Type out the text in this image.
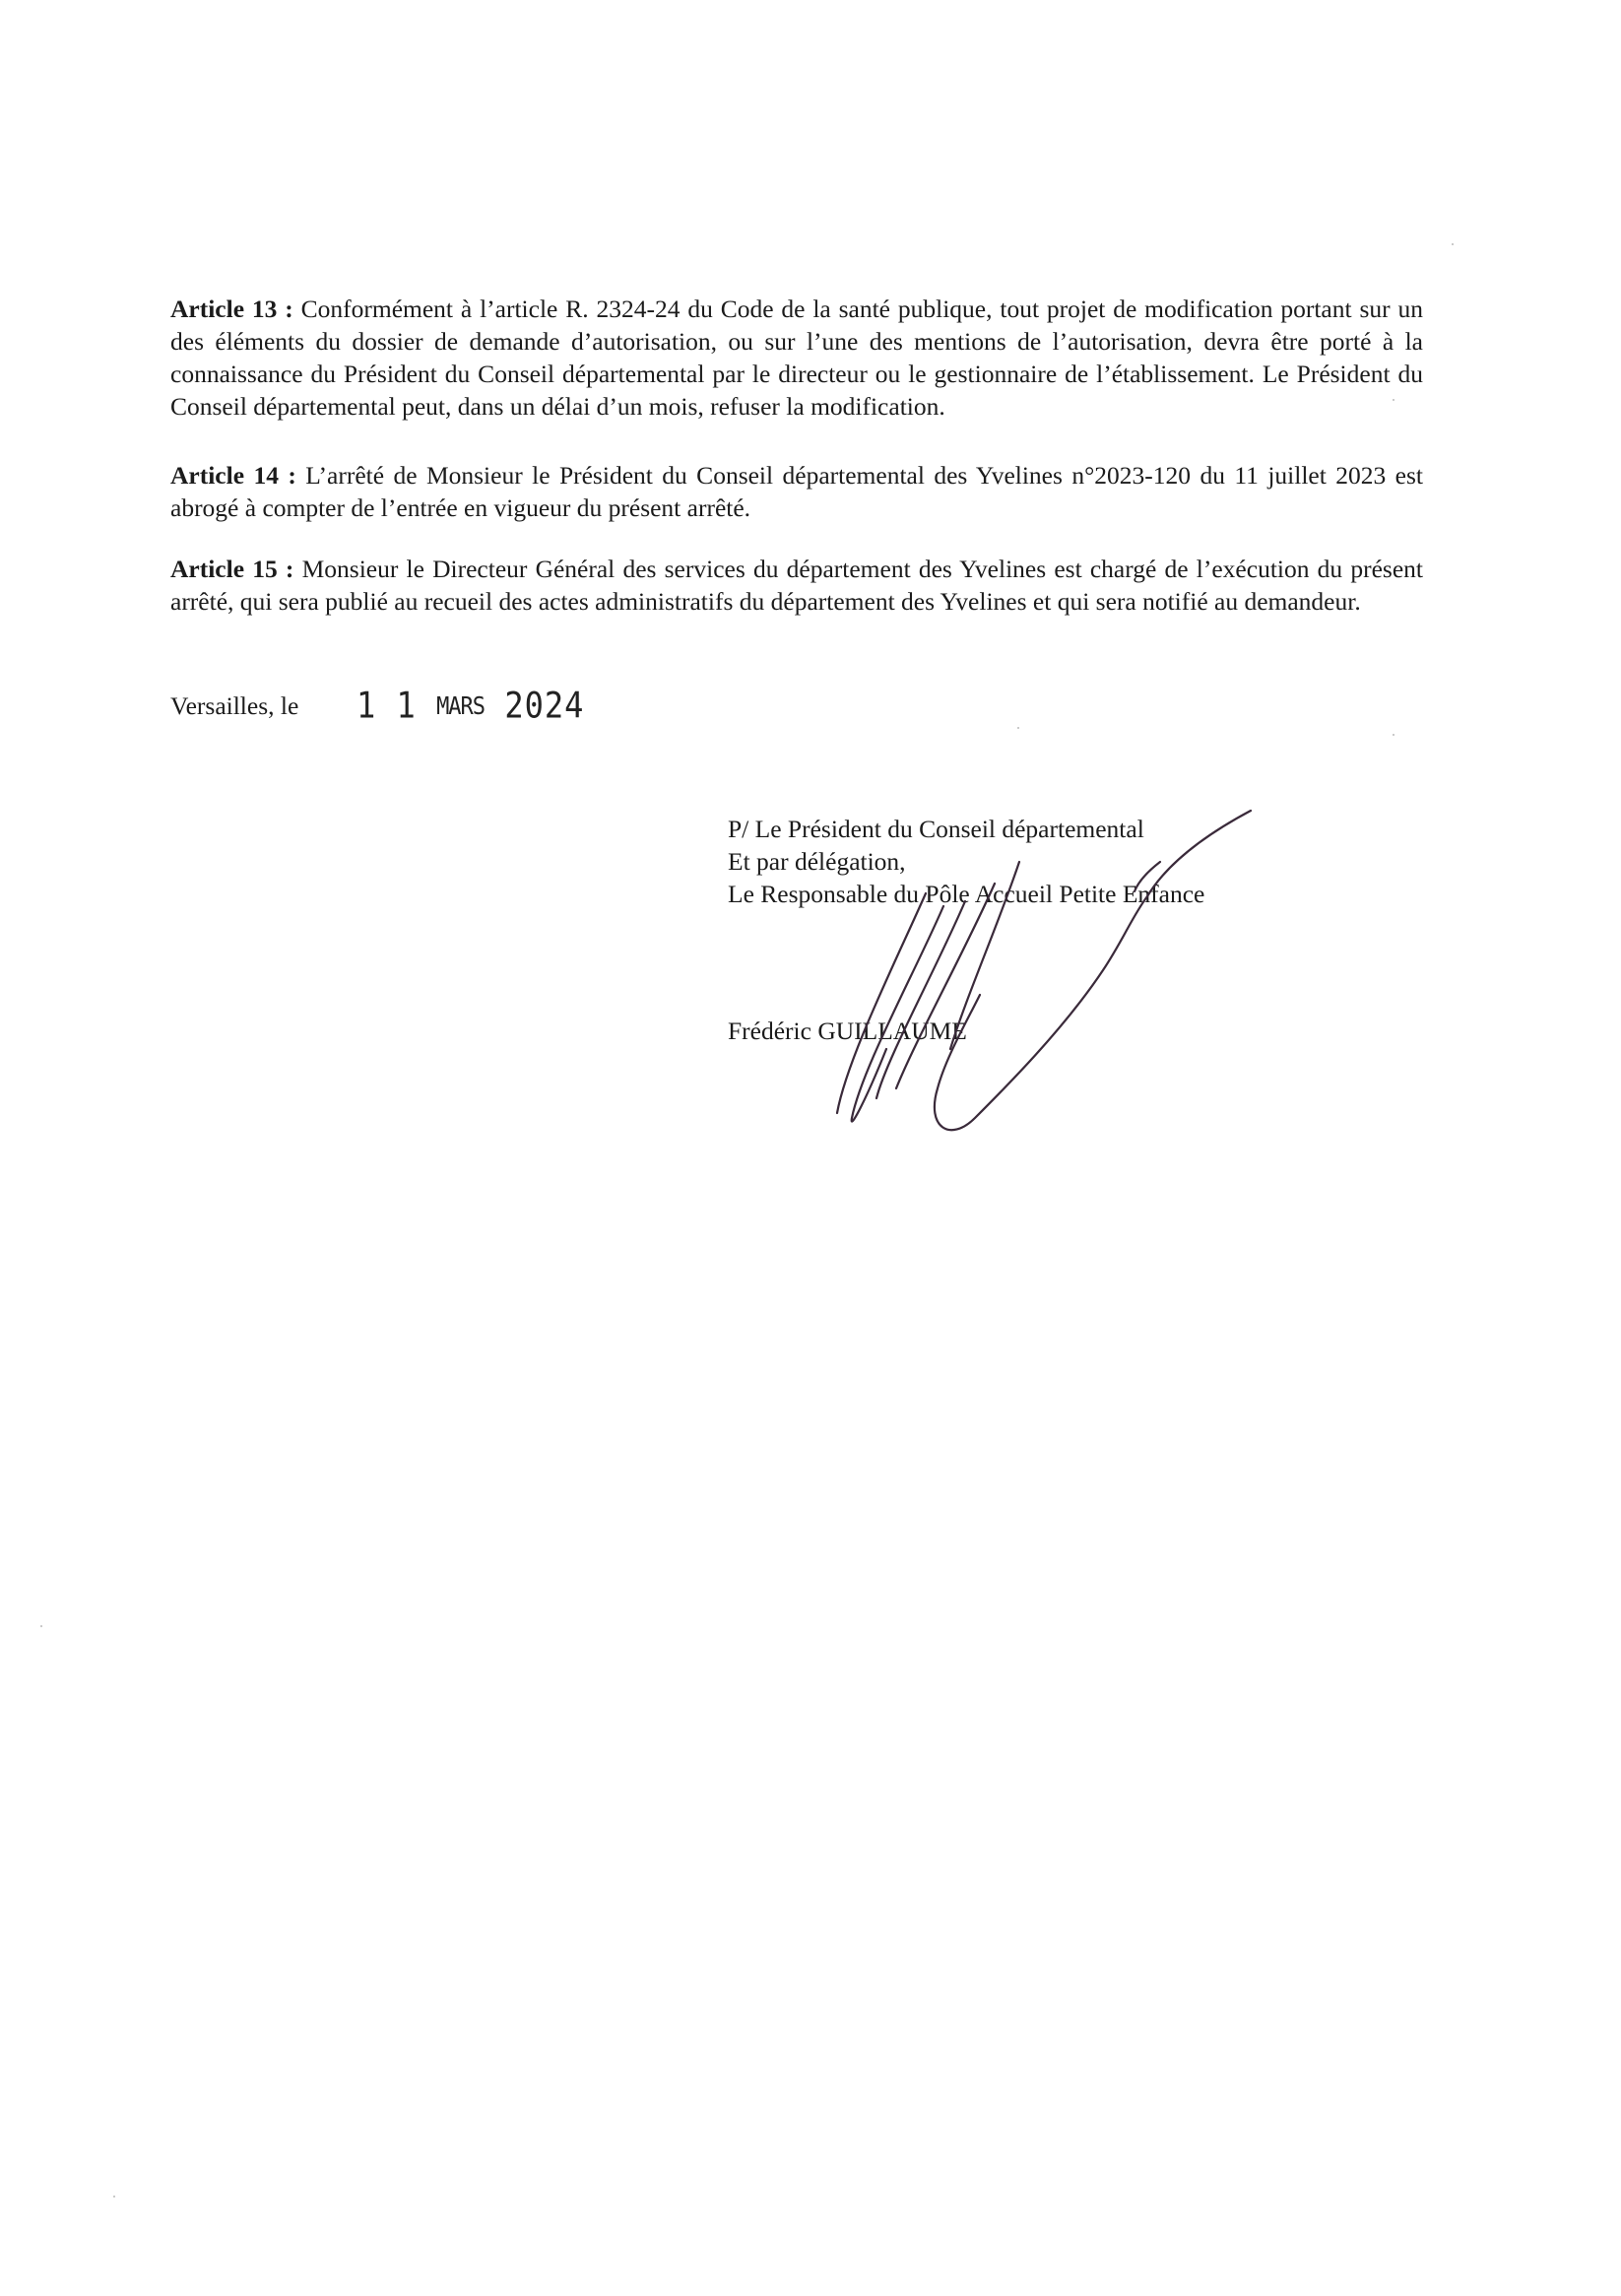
Article 13 : Conformément à l’article R. 2324-24 du Code de la santé publique, tout projet de modification portant sur un des éléments du dossier de demande d’autorisation, ou sur l’une des mentions de l’autorisation, devra être porté à la connaissance du Président du Conseil départemental par le directeur ou le gestionnaire de l’établissement. Le Président du Conseil départemental peut, dans un délai d’un mois, refuser la modification.

Article 14 : L’arrêté de Monsieur le Président du Conseil départemental des Yvelines n°2023-120 du 11 juillet 2023 est abrogé à compter de l’entrée en vigueur du présent arrêté.

Article 15 : Monsieur le Directeur Général des services du département des Yvelines est chargé de l’exécution du présent arrêté, qui sera publié au recueil des actes administratifs du département des Yvelines et qui sera notifié au demandeur.

Versailles, le 1 1 MARS 2024
P/ Le Président du Conseil départemental
Et par délégation,
Le Responsable du Pôle Accueil Petite Enfance
Frédéric GUILLAUME
